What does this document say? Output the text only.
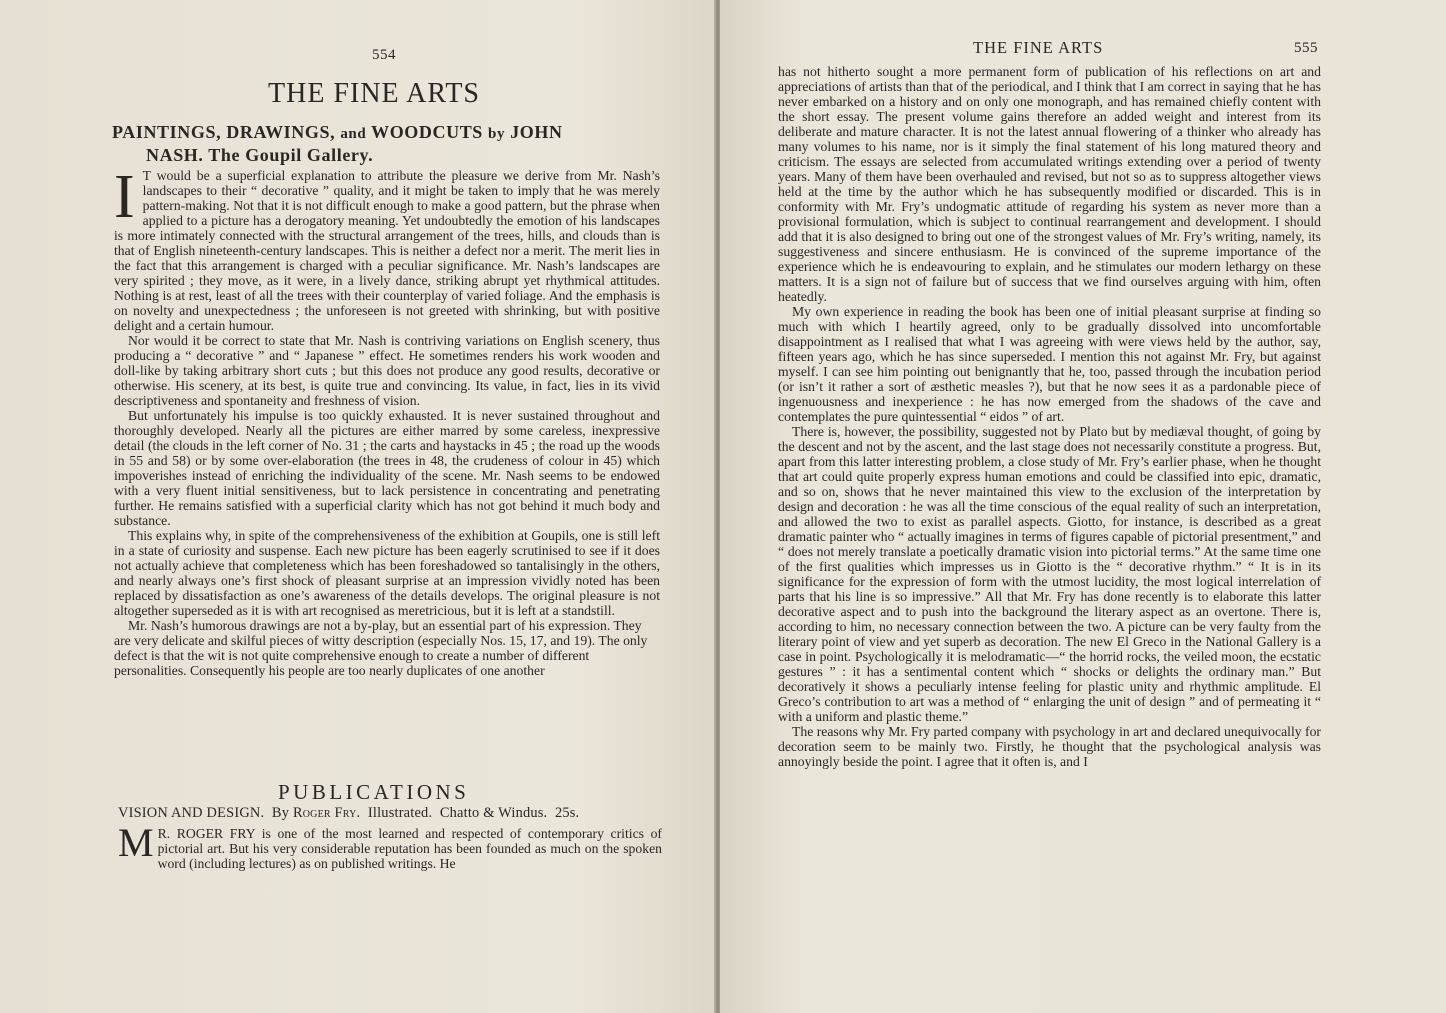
554
THE FINE ARTS
PAINTINGS, DRAWINGS, and WOODCUTS by JOHN
NASH. The Goupil Gallery.

I T would be a superficial explanation to attribute the pleasure we derive from Mr. Nash’s landscapes to their “ decorative ” quality, and it might be taken to imply that he was merely pattern-making. Not that it is not difficult enough to make a good pattern, but the phrase when applied to a picture has a derogatory meaning. Yet undoubtedly the emotion of his landscapes is more intimately connected with the structural arrangement of the trees, hills, and clouds than is that of English nineteenth-century landscapes. This is neither a defect nor a merit. The merit lies in the fact that this arrangement is charged with a peculiar significance. Mr. Nash’s landscapes are very spirited ; they move, as it were, in a lively dance, striking abrupt yet rhythmical attitudes. Nothing is at rest, least of all the trees with their counterplay of varied foliage. And the emphasis is on novelty and unexpectedness ; the unforeseen is not greeted with shrinking, but with positive delight and a certain humour.

Nor would it be correct to state that Mr. Nash is contriving variations on English scenery, thus producing a “ decorative ” and “ Japanese ” effect. He sometimes renders his work wooden and doll-like by taking arbitrary short cuts ; but this does not produce any good results, decorative or otherwise. His scenery, at its best, is quite true and convincing. Its value, in fact, lies in its vivid descriptiveness and spontaneity and freshness of vision.

But unfortunately his impulse is too quickly exhausted. It is never sustained throughout and thoroughly developed. Nearly all the pictures are either marred by some careless, inexpressive detail (the clouds in the left corner of No. 31 ; the carts and haystacks in 45 ; the road up the woods in 55 and 58) or by some over-elaboration (the trees in 48, the crudeness of colour in 45) which impoverishes instead of enriching the individuality of the scene. Mr. Nash seems to be endowed with a very fluent initial sensitiveness, but to lack persistence in concentrating and penetrating further. He remains satisfied with a superficial clarity which has not got behind it much body and substance.

This explains why, in spite of the comprehensiveness of the exhibition at Goupils, one is still left in a state of curiosity and suspense. Each new picture has been eagerly scrutinised to see if it does not actually achieve that completeness which has been foreshadowed so tantalisingly in the others, and nearly always one’s first shock of pleasant surprise at an impression vividly noted has been replaced by dissatisfaction as one’s awareness of the details develops. The original pleasure is not altogether superseded as it is with art recognised as meretricious, but it is left at a standstill.

Mr. Nash’s humorous drawings are not a by-play, but an essential part of his expression. They are very delicate and skilful pieces of witty description (especially Nos. 15, 17, and 19). The only defect is that the wit is not quite comprehensive enough to create a number of different personalities. Consequently his people are too nearly duplicates of one another

PUBLICATIONS
VISION AND DESIGN. By Roger Fry. Illustrated. Chatto & Windus. 25s.

M R. ROGER FRY is one of the most learned and respected of contemporary critics of pictorial art. But his very considerable reputation has been founded as much on the spoken word (including lectures) as on published writings. He

THE FINE ARTS	555

has not hitherto sought a more permanent form of publication of his reflections on art and appreciations of artists than that of the periodical, and I think that I am correct in saying that he has never embarked on a history and on only one monograph, and has remained chiefly content with the short essay. The present volume gains therefore an added weight and interest from its deliberate and mature character. It is not the latest annual flowering of a thinker who already has many volumes to his name, nor is it simply the final statement of his long matured theory and criticism. The essays are selected from accumulated writings extending over a period of twenty years. Many of them have been overhauled and revised, but not so as to suppress altogether views held at the time by the author which he has subsequently modified or discarded. This is in conformity with Mr. Fry’s undogmatic attitude of regarding his system as never more than a provisional formulation, which is subject to continual rearrangement and development. I should add that it is also designed to bring out one of the strongest values of Mr. Fry’s writing, namely, its suggestiveness and sincere enthusiasm. He is convinced of the supreme importance of the experience which he is endeavouring to explain, and he stimulates our modern lethargy on these matters. It is a sign not of failure but of success that we find ourselves arguing with him, often heatedly.

My own experience in reading the book has been one of initial pleasant surprise at finding so much with which I heartily agreed, only to be gradually dissolved into uncomfortable disappointment as I realised that what I was agreeing with were views held by the author, say, fifteen years ago, which he has since superseded. I mention this not against Mr. Fry, but against myself. I can see him pointing out benignantly that he, too, passed through the incubation period (or isn’t it rather a sort of æsthetic measles ?), but that he now sees it as a pardonable piece of ingenuousness and inexperience : he has now emerged from the shadows of the cave and contemplates the pure quintessential “ eidos ” of art.

There is, however, the possibility, suggested not by Plato but by mediæval thought, of going by the descent and not by the ascent, and the last stage does not necessarily constitute a progress. But, apart from this latter interesting problem, a close study of Mr. Fry’s earlier phase, when he thought that art could quite properly express human emotions and could be classified into epic, dramatic, and so on, shows that he never maintained this view to the exclusion of the interpretation by design and decoration : he was all the time conscious of the equal reality of such an interpretation, and allowed the two to exist as parallel aspects. Giotto, for instance, is described as a great dramatic painter who “ actually imagines in terms of figures capable of pictorial presentment,” and “ does not merely translate a poetically dramatic vision into pictorial terms.” At the same time one of the first qualities which impresses us in Giotto is the “ decorative rhythm.” “ It is in its significance for the expression of form with the utmost lucidity, the most logical interrelation of parts that his line is so impressive.” All that Mr. Fry has done recently is to elaborate this latter decorative aspect and to push into the background the literary aspect as an overtone. There is, according to him, no necessary connection between the two. A picture can be very faulty from the literary point of view and yet superb as decoration. The new El Greco in the National Gallery is a case in point. Psychologically it is melodramatic—“ the horrid rocks, the veiled moon, the ecstatic gestures ” : it has a sentimental content which “ shocks or delights the ordinary man.” But decoratively it shows a peculiarly intense feeling for plastic unity and rhythmic amplitude. El Greco’s contribution to art was a method of “ enlarging the unit of design ” and of permeating it “ with a uniform and plastic theme.”

The reasons why Mr. Fry parted company with psychology in art and declared unequivocally for decoration seem to be mainly two. Firstly, he thought that the psychological analysis was annoyingly beside the point. I agree that it often is, and I
